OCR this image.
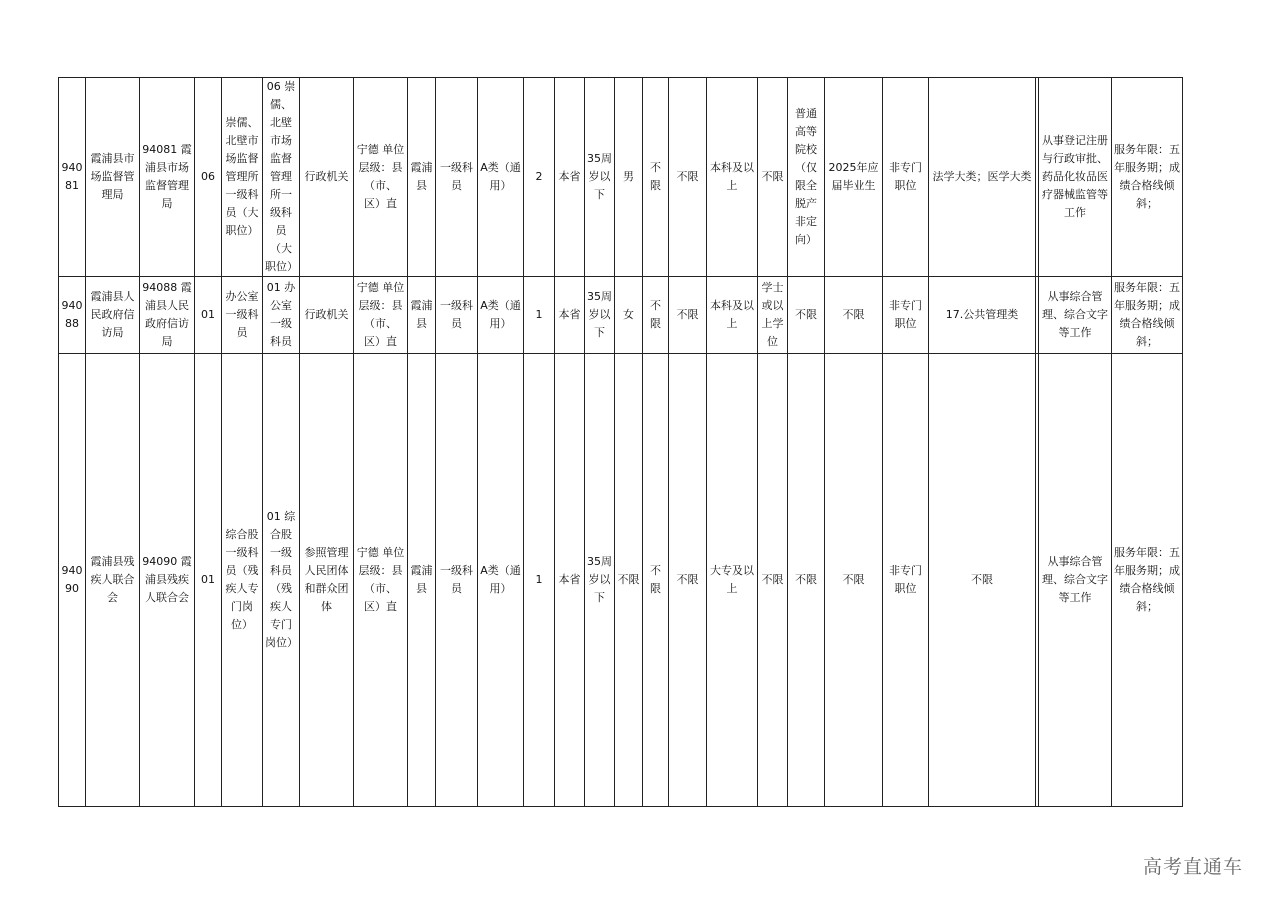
94081	霞浦县市场监督管理局	94081 霞浦县市场监督管理局	06	崇儒、北壁市场监督管理所一级科员（大职位）	06 崇儒、北壁市场监督管理所一级科员（大职位）	行政机关	宁德 单位层级：县（市、区）直	霞浦县	一级科员	A类（通用）	2	本省	35周岁以下	男	不限	不限	本科及以上	不限	普通高等院校（仅限全脱产非定向）	2025年应届毕业生	非专门职位	法学大类；医学大类		从事登记注册与行政审批、药品化妆品医疗器械监管等工作	服务年限：五年服务期；成绩合格线倾斜；
94088	霞浦县人民政府信访局	94088 霞浦县人民政府信访局	01	办公室一级科员	01 办公室一级科员	行政机关	宁德 单位层级：县（市、区）直	霞浦县	一级科员	A类（通用）	1	本省	35周岁以下	女	不限	不限	本科及以上	学士或以上学位	不限	不限	非专门职位	17.公共管理类		从事综合管理、综合文字等工作	服务年限：五年服务期；成绩合格线倾斜；
94090	霞浦县残疾人联合会	94090 霞浦县残疾人联合会	01	综合股一级科员（残疾人专门岗位）	01 综合股一级科员（残疾人专门岗位）	参照管理人民团体和群众团体	宁德 单位层级：县（市、区）直	霞浦县	一级科员	A类（通用）	1	本省	35周岁以下	不限	不限	不限	大专及以上	不限	不限	不限	非专门职位	不限		从事综合管理、综合文字等工作	服务年限：五年服务期；成绩合格线倾斜；
高考直通车
